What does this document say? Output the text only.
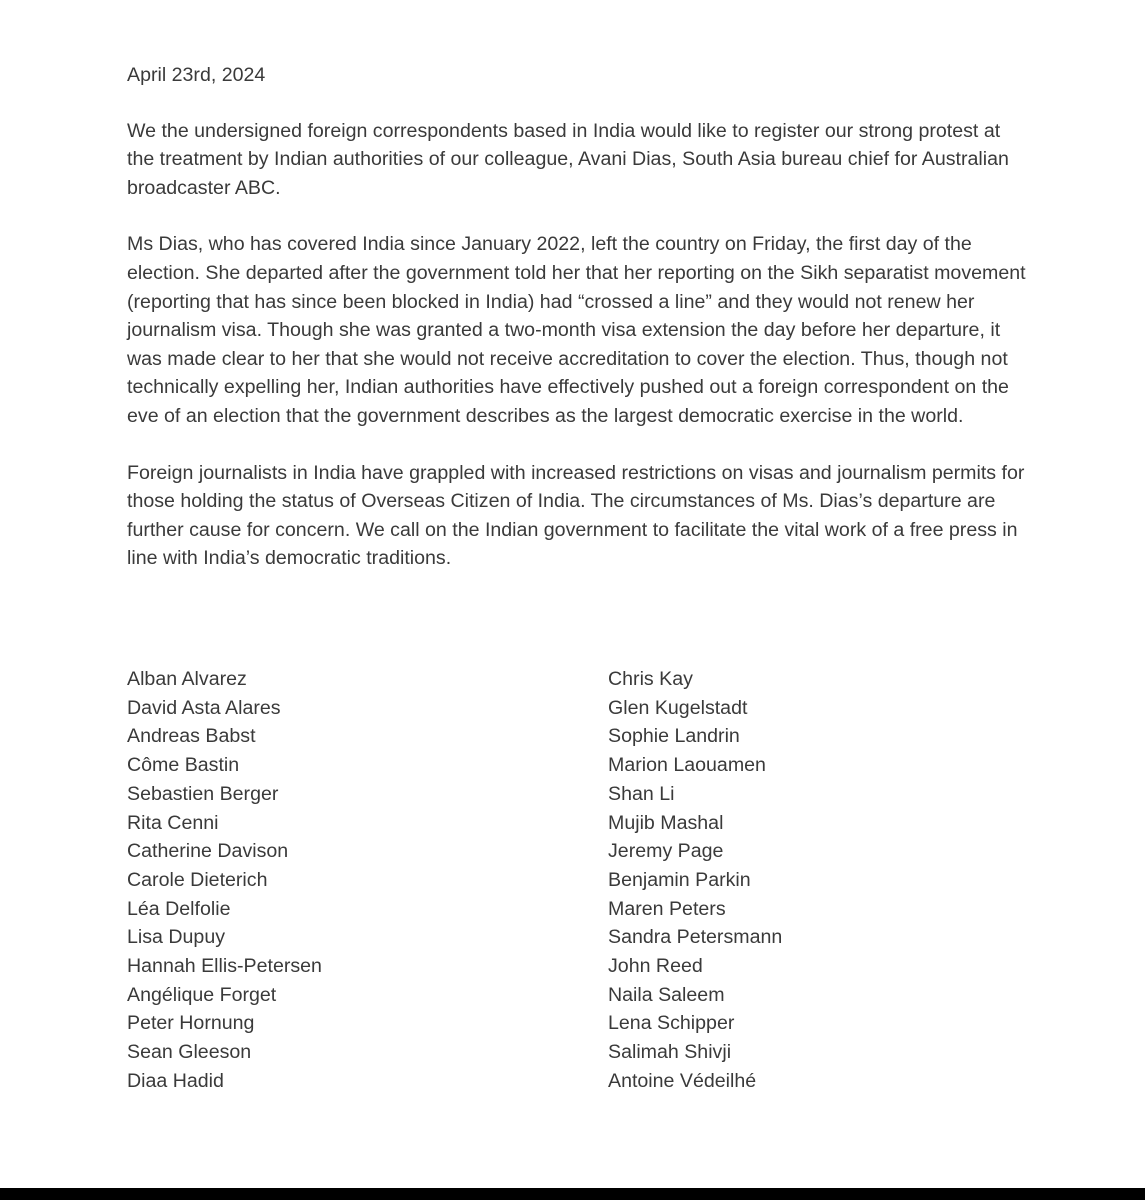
April 23rd, 2024

We the undersigned foreign correspondents based in India would like to register our strong protest at the treatment by Indian authorities of our colleague, Avani Dias, South Asia bureau chief for Australian broadcaster ABC.

Ms Dias, who has covered India since January 2022, left the country on Friday, the first day of the election. She departed after the government told her that her reporting on the Sikh separatist movement (reporting that has since been blocked in India) had “crossed a line” and they would not renew her journalism visa. Though she was granted a two-month visa extension the day before her departure, it was made clear to her that she would not receive accreditation to cover the election. Thus, though not technically expelling her, Indian authorities have effectively pushed out a foreign correspondent on the eve of an election that the government describes as the largest democratic exercise in the world.

Foreign journalists in India have grappled with increased restrictions on visas and journalism permits for those holding the status of Overseas Citizen of India. The circumstances of Ms. Dias’s departure are further cause for concern. We call on the Indian government to facilitate the vital work of a free press in line with India’s democratic traditions.

Alban Alvarez
David Asta Alares
Andreas Babst
Côme Bastin
Sebastien Berger
Rita Cenni
Catherine Davison
Carole Dieterich
Léa Delfolie
Lisa Dupuy
Hannah Ellis-Petersen
Angélique Forget
Peter Hornung
Sean Gleeson
Diaa Hadid
Chris Kay
Glen Kugelstadt
Sophie Landrin
Marion Laouamen
Shan Li
Mujib Mashal
Jeremy Page
Benjamin Parkin
Maren Peters
Sandra Petersmann
John Reed
Naila Saleem
Lena Schipper
Salimah Shivji
Antoine Védeilhé
